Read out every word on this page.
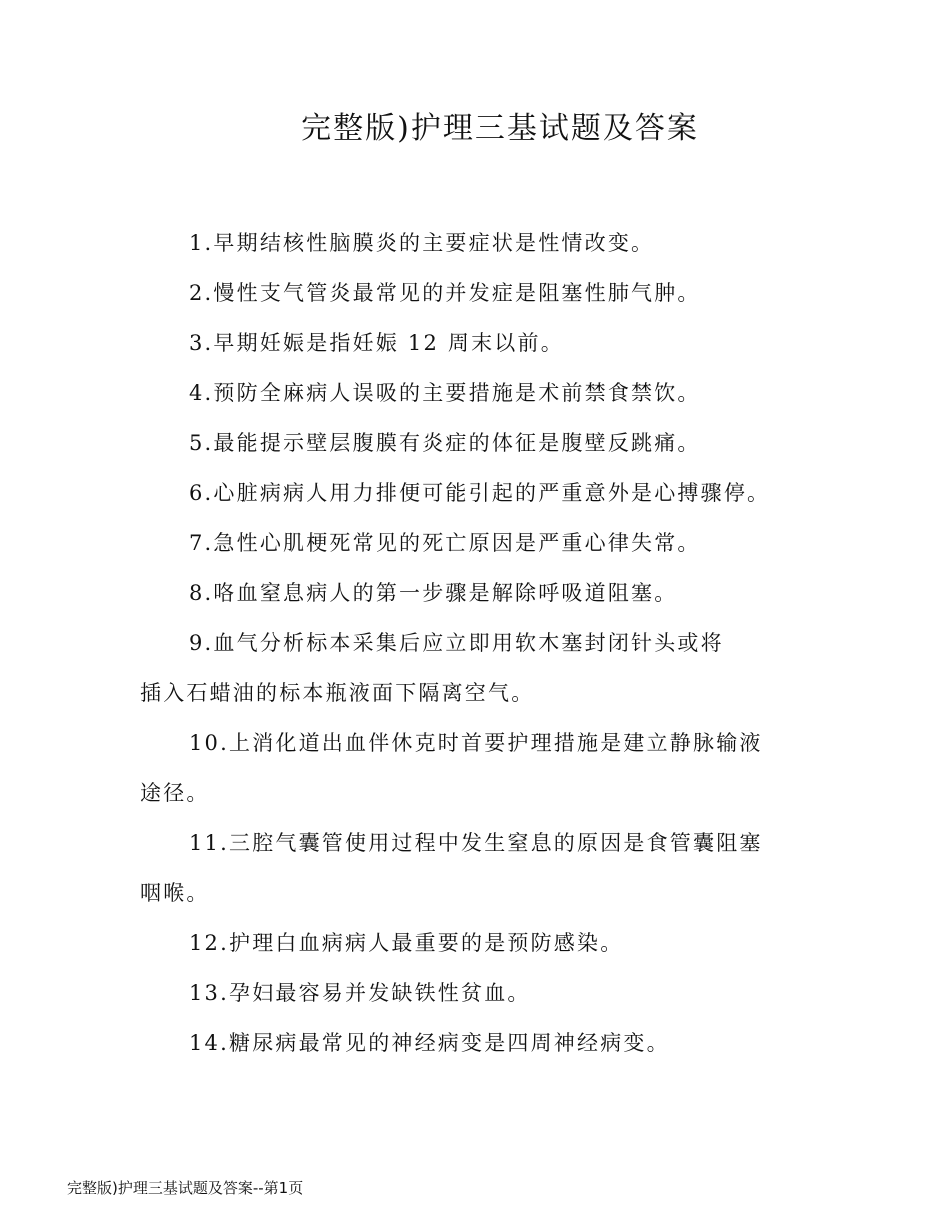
完整版)护理三基试题及答案

1.早期结核性脑膜炎的主要症状是性情改变。

2.慢性支气管炎最常见的并发症是阻塞性肺气肿。

3.早期妊娠是指妊娠 12 周末以前。

4.预防全麻病人误吸的主要措施是术前禁食禁饮。

5.最能提示壁层腹膜有炎症的体征是腹壁反跳痛。

6.心脏病病人用力排便可能引起的严重意外是心搏骤停。

7.急性心肌梗死常见的死亡原因是严重心律失常。

8.咯血窒息病人的第一步骤是解除呼吸道阻塞。

9.血气分析标本采集后应立即用软木塞封闭针头或将
插入石蜡油的标本瓶液面下隔离空气。

10.上消化道出血伴休克时首要护理措施是建立静脉输液
途径。

11.三腔气囊管使用过程中发生窒息的原因是食管囊阻塞
咽喉。

12.护理白血病病人最重要的是预防感染。

13.孕妇最容易并发缺铁性贫血。

14.糖尿病最常见的神经病变是四周神经病变。

完整版)护理三基试题及答案--第1页
